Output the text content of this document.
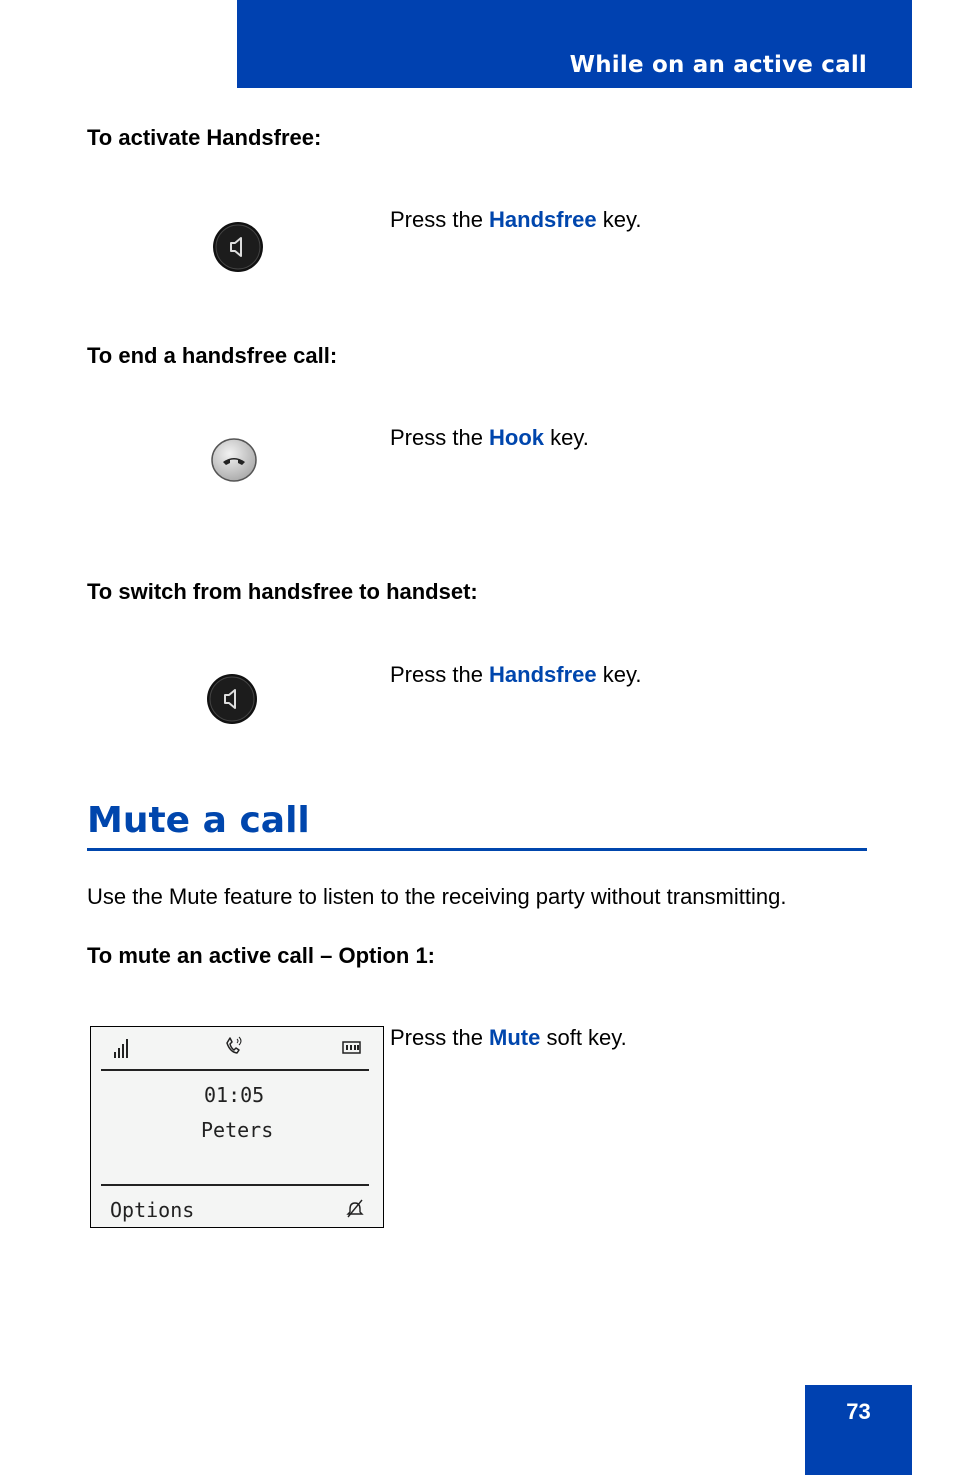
While on an active call
To activate Handsfree:
Press the Handsfree key.
To end a handsfree call:
Press the Hook key.
To switch from handsfree to handset:
Press the Handsfree key.
Mute a call
Use the Mute feature to listen to the receiving party without transmitting.
To mute an active call – Option 1:
01:05
Peters
Options
Press the Mute soft key.
73
